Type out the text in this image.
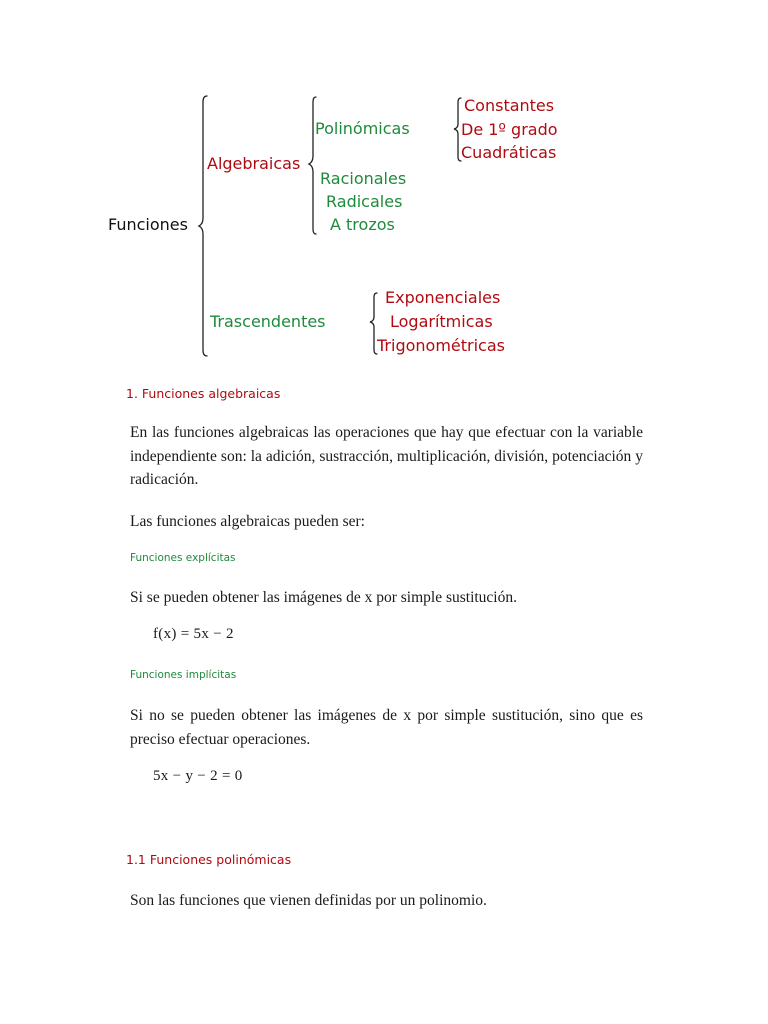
Funciones
Algebraicas
Polinómicas
Constantes
De 1º grado
Cuadráticas
Racionales
Radicales
A trozos
Trascendentes
Exponenciales
Logarítmicas
Trigonométricas
1. Funciones algebraicas
En las funciones algebraicas las operaciones que hay que efectuar con la variable independiente son: la adición, sustracción, multiplicación, división, potenciación y radicación.
Las funciones algebraicas pueden ser:
Funciones explícitas
Si se pueden obtener las imágenes de x por simple sustitución.
f(x) = 5x − 2
Funciones implícitas
Si no se pueden obtener las imágenes de x por simple sustitución, sino que es preciso efectuar operaciones.
5x − y − 2 = 0
1.1 Funciones polinómicas
Son las funciones que vienen definidas por un polinomio.
